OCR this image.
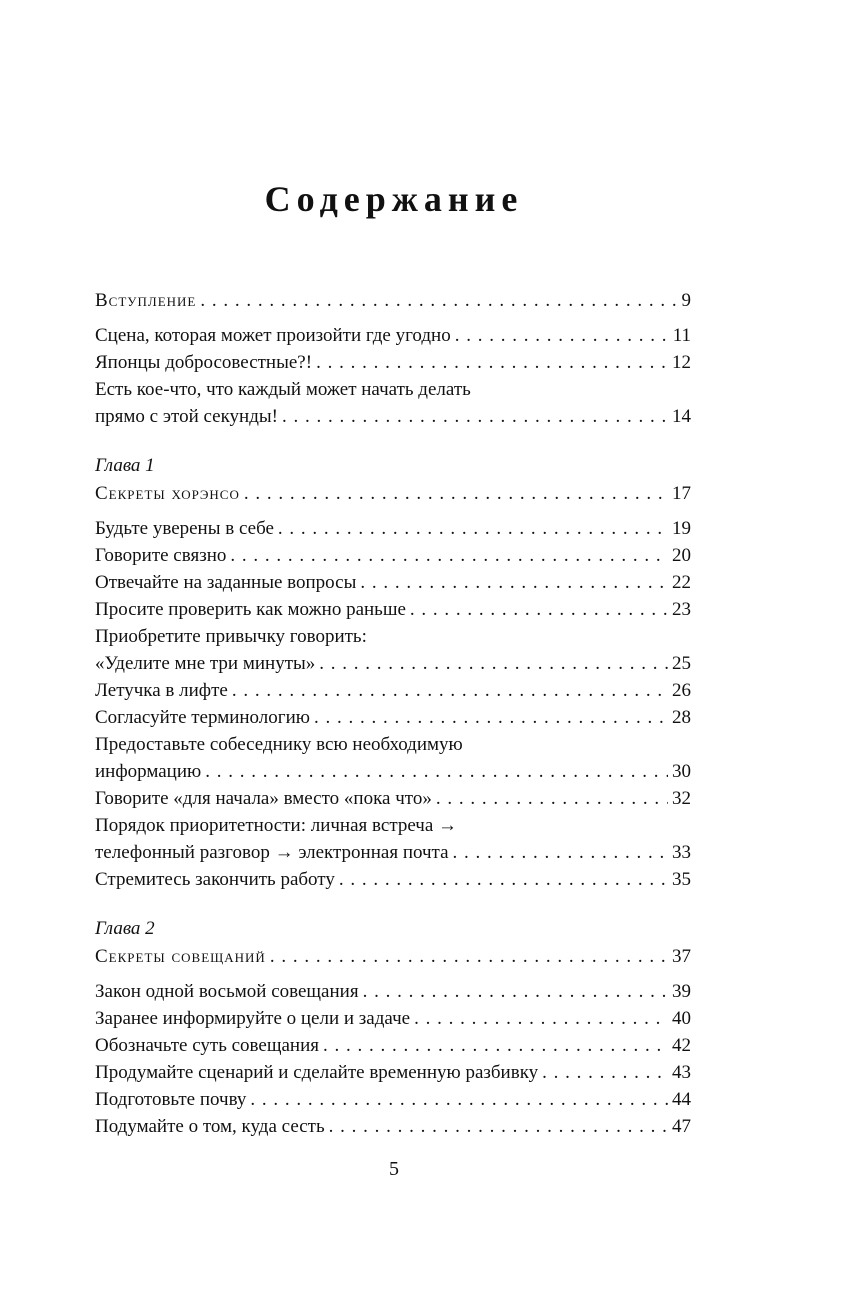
Содержание
Вступление . . .	9
Сцена, которая может произойти где угодно . . .	11
Японцы добросовестные?! . . .	12
Есть кое-что, что каждый может начать делать
прямо с этой секунды! . . .	14
Глава 1
Секреты хорэнсо . . .	17
Будьте уверены в себе . . .	19
Говорите связно . . .	20
Отвечайте на заданные вопросы . . .	22
Просите проверить как можно раньше . . .	23
Приобретите привычку говорить:
«Уделите мне три минуты» . . .	25
Летучка в лифте . . .	26
Согласуйте терминологию . . .	28
Предоставьте собеседнику всю необходимую
информацию . . .	30
Говорите «для начала» вместо «пока что» . . .	32
Порядок приоритетности: личная встреча →
телефонный разговор → электронная почта . . .	33
Стремитесь закончить работу . . .	35
Глава 2
Секреты совещаний . . .	37
Закон одной восьмой совещания . . .	39
Заранее информируйте о цели и задаче . . .	40
Обозначьте суть совещания . . .	42
Продумайте сценарий и сделайте временную разбивку . . .	43
Подготовьте почву . . .	44
Подумайте о том, куда сесть . . .	47
5
